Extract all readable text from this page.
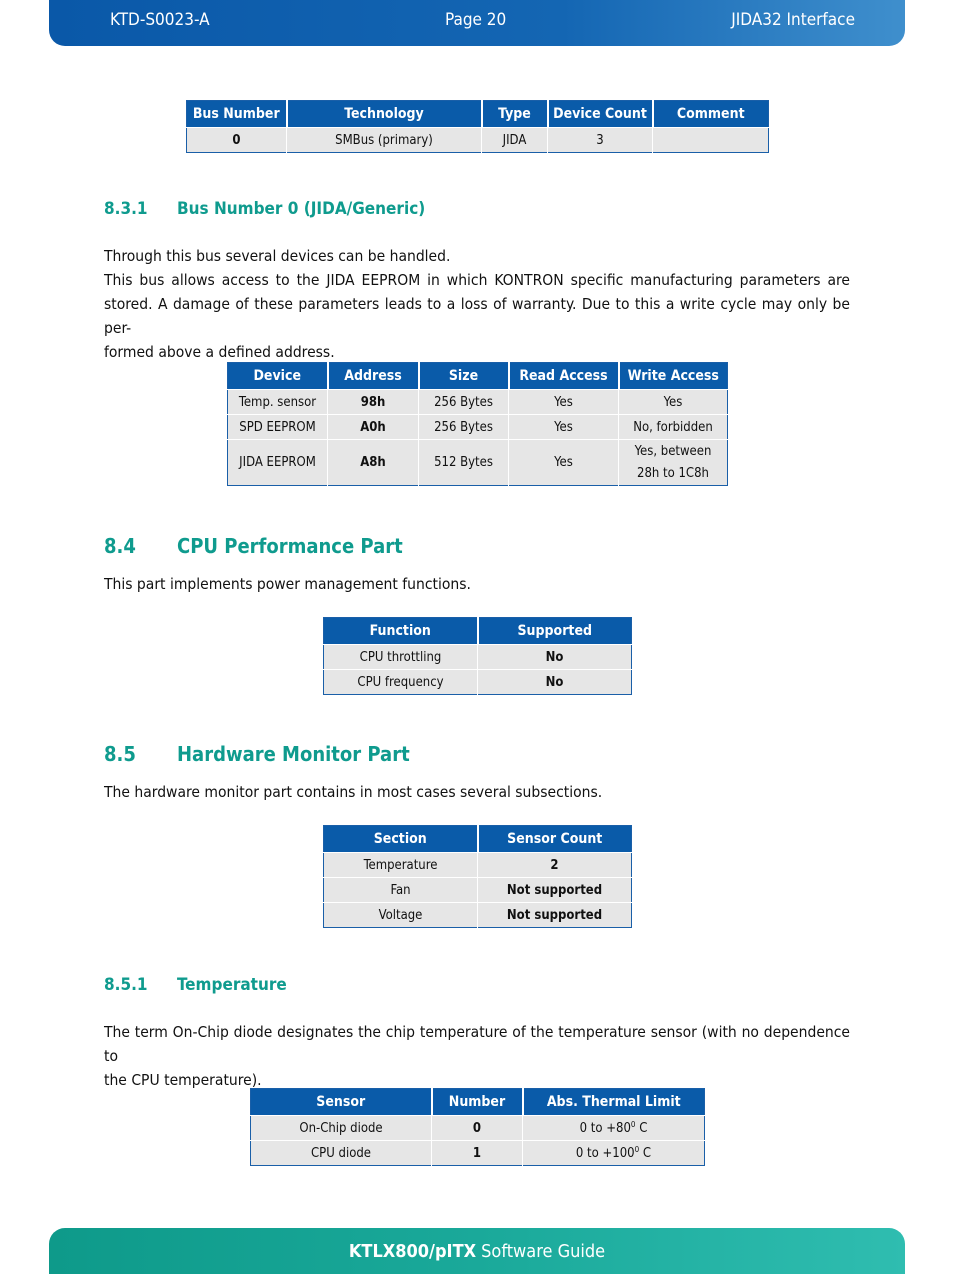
KTD-S0023-A	Page 20	JIDA32 Interface
Bus Number	Technology	Type	Device Count	Comment
0	SMBus (primary)	JIDA	3	
8.3.1 Bus Number 0 (JIDA/Generic)
Through this bus several devices can be handled.
This bus allows access to the JIDA EEPROM in which KONTRON specific manufacturing parameters are
stored. A damage of these parameters leads to a loss of warranty. Due to this a write cycle may only be per-
formed above a defined address.
Device	Address	Size	Read Access	Write Access
Temp. sensor	98h	256 Bytes	Yes	Yes
SPD EEPROM	A0h	256 Bytes	Yes	No, forbidden
JIDA EEPROM	A8h	512 Bytes	Yes	Yes, between
28h to 1C8h
8.4 CPU Performance Part
This part implements power management functions.
Function	Supported
CPU throttling	No
CPU frequency	No
8.5 Hardware Monitor Part
The hardware monitor part contains in most cases several subsections.
Section	Sensor Count
Temperature	2
Fan	Not supported
Voltage	Not supported
8.5.1 Temperature
The term On-Chip diode designates the chip temperature of the temperature sensor (with no dependence to
the CPU temperature).
Sensor	Number	Abs. Thermal Limit
On-Chip diode	0	0 to $+80^0$ C
CPU diode	1	0 to $+100^0$ C
KTLX800/pITX Software Guide
